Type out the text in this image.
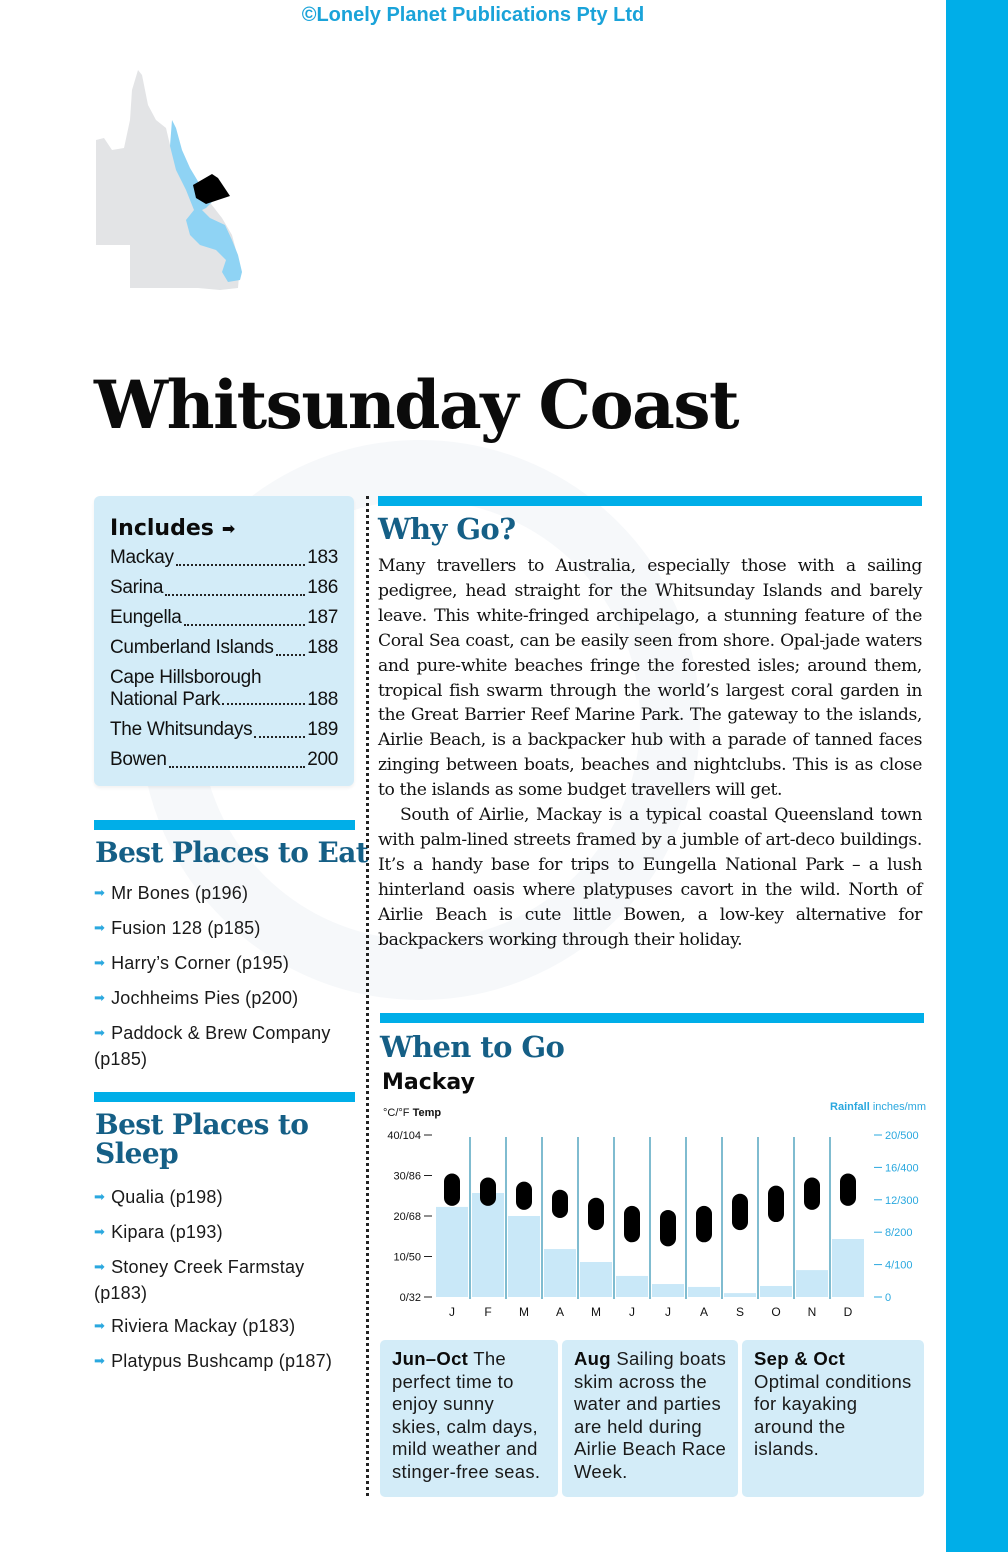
©Lonely Planet Publications Pty Ltd
Whitsunday Coast
Includes ➡
Mackay	183
Sarina	186
Eungella	187
Cumberland Islands 188
Cape Hillsborough
National Park	188
The Whitsundays	189
Bowen	200
Best Places to Eat
➡ Mr Bones (p196)
➡ Fusion 128 (p185)
➡ Harry’s Corner (p195)
➡ Jochheims Pies (p200)
➡ Paddock & Brew Company (p185)
Best Places to Sleep
➡ Qualia (p198)
➡ Kipara (p193)
➡ Stoney Creek Farmstay (p183)
➡ Riviera Mackay (p183)
➡ Platypus Bushcamp (p187)
Why Go?

Many travellers to Australia, especially those with a sailing pedigree, head straight for the Whitsunday Islands and barely leave. This white-fringed archipelago, a stunning feature of the Coral Sea coast, can be easily seen from shore. Opal-jade waters and pure-white beaches fringe the forested isles; around them, tropical fish swarm through the world’s largest coral garden in the Great Barrier Reef Marine Park. The gateway to the islands, Airlie Beach, is a backpacker hub with a parade of tanned faces zinging between boats, beaches and nightclubs. This is as close to the islands as some budget travellers will get.

South of Airlie, Mackay is a typical coastal Queensland town with palm-lined streets framed by a jumble of art-deco buildings. It’s a handy base for trips to Eungella National Park – a lush hinterland oasis where platypuses cavort in the wild. North of Airlie Beach is cute little Bowen, a low-key alternative for backpackers working through their holiday.

When to Go
Mackay
°C/°F Temp	Rainfall inches/mm
0/32
10/50
20/68
30/86
40/104
0
4/100
8/200
12/300
16/400
20/500
J F M A M J	J A S O N D
Jun–Oct The perfect time to enjoy sunny skies, calm days, mild weather and stinger-free seas.
Aug Sailing boats skim across the water and parties are held during Airlie Beach Race Week.
Sep & Oct Optimal conditions for kayaking around the islands.
